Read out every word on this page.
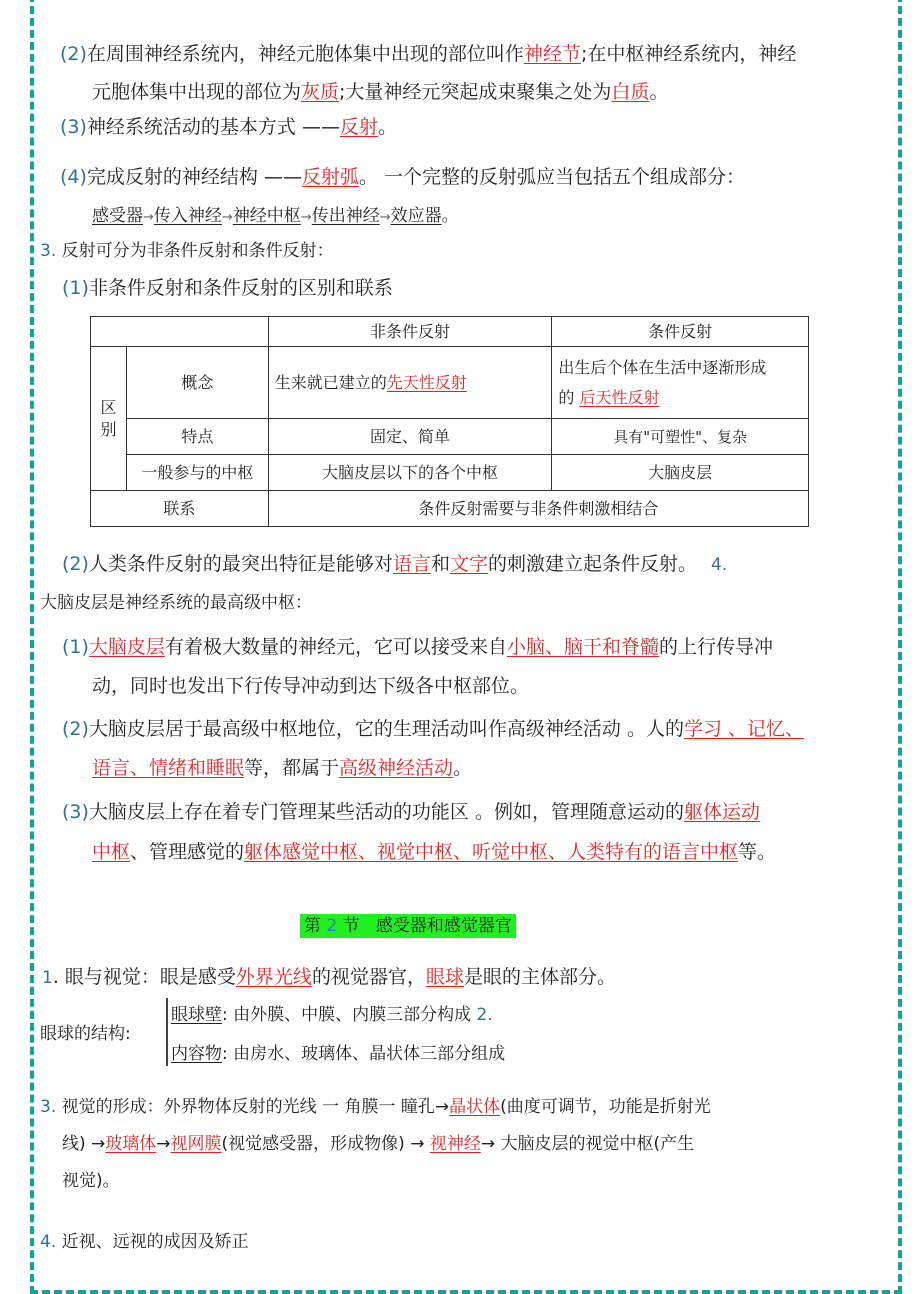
(2)在周围神经系统内，神经元胞体集中出现的部位叫作神经节;在中枢神经系统内，神经
元胞体集中出现的部位为灰质;大量神经元突起成束聚集之处为白质。
(3)神经系统活动的基本方式 ——反射。
(4)完成反射的神经结构 ——反射弧。 一个完整的反射弧应当包括五个组成部分：
感受器→传入神经→神经中枢→传出神经→效应器。
3. 反射可分为非条件反射和条件反射：
(1)非条件反射和条件反射的区别和联系
		非条件反射	条件反射
区
别	概念	生来就已建立的先天性反射	出生后个体在生活中逐渐形成
的 后天性反射
	特点	固定、简单	具有"可塑性"、复杂
	一般参与的中枢	大脑皮层以下的各个中枢	大脑皮层
联系		条件反射需要与非条件刺激相结合	
(2)人类条件反射的最突出特征是能够对语言和文字的刺激建立起条件反射。 4.
大脑皮层是神经系统的最高级中枢：
(1)大脑皮层有着极大数量的神经元，它可以接受来自小脑、脑干和脊髓的上行传导冲
动，同时也发出下行传导冲动到达下级各中枢部位。
(2)大脑皮层居于最高级中枢地位，它的生理活动叫作高级神经活动 。人的学习 、记忆、
语言、情绪和睡眠等，都属于高级神经活动。
(3)大脑皮层上存在着专门管理某些活动的功能区 。例如，管理随意运动的躯体运动
中枢、管理感觉的躯体感觉中枢、视觉中枢、听觉中枢、人类特有的语言中枢等。
第 2 节 感受器和感觉器官
1. 眼与视觉：眼是感受外界光线的视觉器官，眼球是眼的主体部分。
眼球的结构:
眼球壁: 由外膜、中膜、内膜三部分构成 2.
内容物: 由房水、玻璃体、晶状体三部分组成
3. 视觉的形成：外界物体反射的光线 一 角膜一 瞳孔→晶状体(曲度可调节，功能是折射光
线) →玻璃体→视网膜(视觉感受器，形成物像) → 视神经→ 大脑皮层的视觉中枢(产生
视觉)。
4. 近视、远视的成因及矫正
